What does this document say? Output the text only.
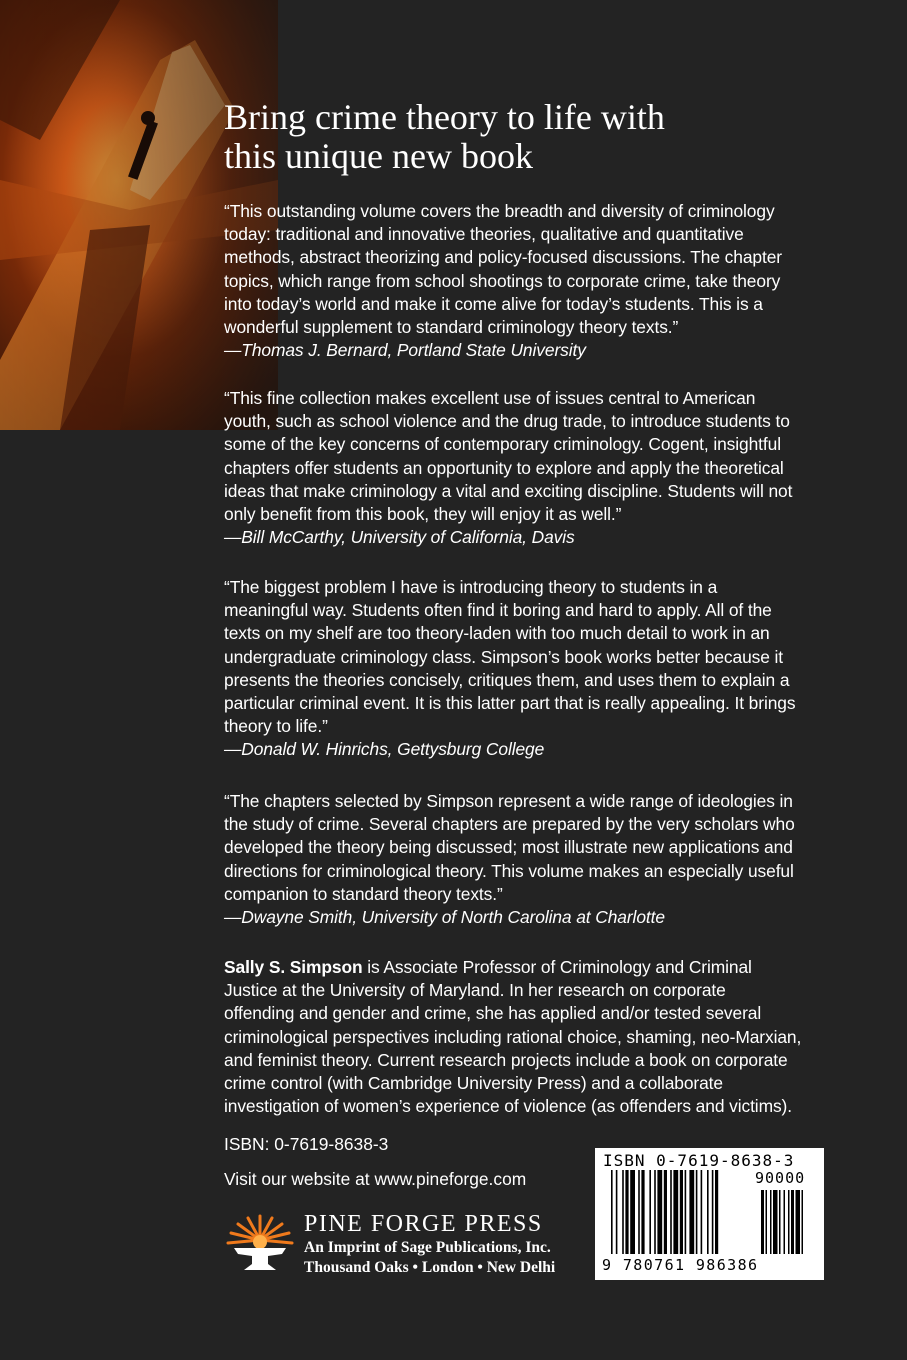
Bring crime theory to life with
this unique new book

“This outstanding volume covers the breadth and diversity of criminology

today: traditional and innovative theories, qualitative and quantitative

methods, abstract theorizing and policy-focused discussions. The chapter

topics, which range from school shootings to corporate crime, take theory

into today’s world and make it come alive for today’s students. This is a

wonderful supplement to standard criminology theory texts.”

—Thomas J. Bernard, Portland State University

“This fine collection makes excellent use of issues central to American

youth, such as school violence and the drug trade, to introduce students to

some of the key concerns of contemporary criminology. Cogent, insightful

chapters offer students an opportunity to explore and apply the theoretical

ideas that make criminology a vital and exciting discipline. Students will not

only benefit from this book, they will enjoy it as well.”

—Bill McCarthy, University of California, Davis

“The biggest problem I have is introducing theory to students in a

meaningful way. Students often find it boring and hard to apply. All of the

texts on my shelf are too theory-laden with too much detail to work in an

undergraduate criminology class. Simpson’s book works better because it

presents the theories concisely, critiques them, and uses them to explain a

particular criminal event. It is this latter part that is really appealing. It brings

theory to life.”

—Donald W. Hinrichs, Gettysburg College

“The chapters selected by Simpson represent a wide range of ideologies in

the study of crime. Several chapters are prepared by the very scholars who

developed the theory being discussed; most illustrate new applications and

directions for criminological theory. This volume makes an especially useful

companion to standard theory texts.”

—Dwayne Smith, University of North Carolina at Charlotte

Sally S. Simpson is Associate Professor of Criminology and Criminal

Justice at the University of Maryland. In her research on corporate

offending and gender and crime, she has applied and/or tested several

criminological perspectives including rational choice, shaming, neo-Marxian,

and feminist theory. Current research projects include a book on corporate

crime control (with Cambridge University Press) and a collaborate

investigation of women’s experience of violence (as offenders and victims).

ISBN: 0-7619-8638-3
Visit our website at www.pineforge.com
PINE FORGE PRESS
An Imprint of Sage Publications, Inc.
Thousand Oaks • London • New Delhi
ISBN 0-7619-8638-3
90000
9 780761 986386
